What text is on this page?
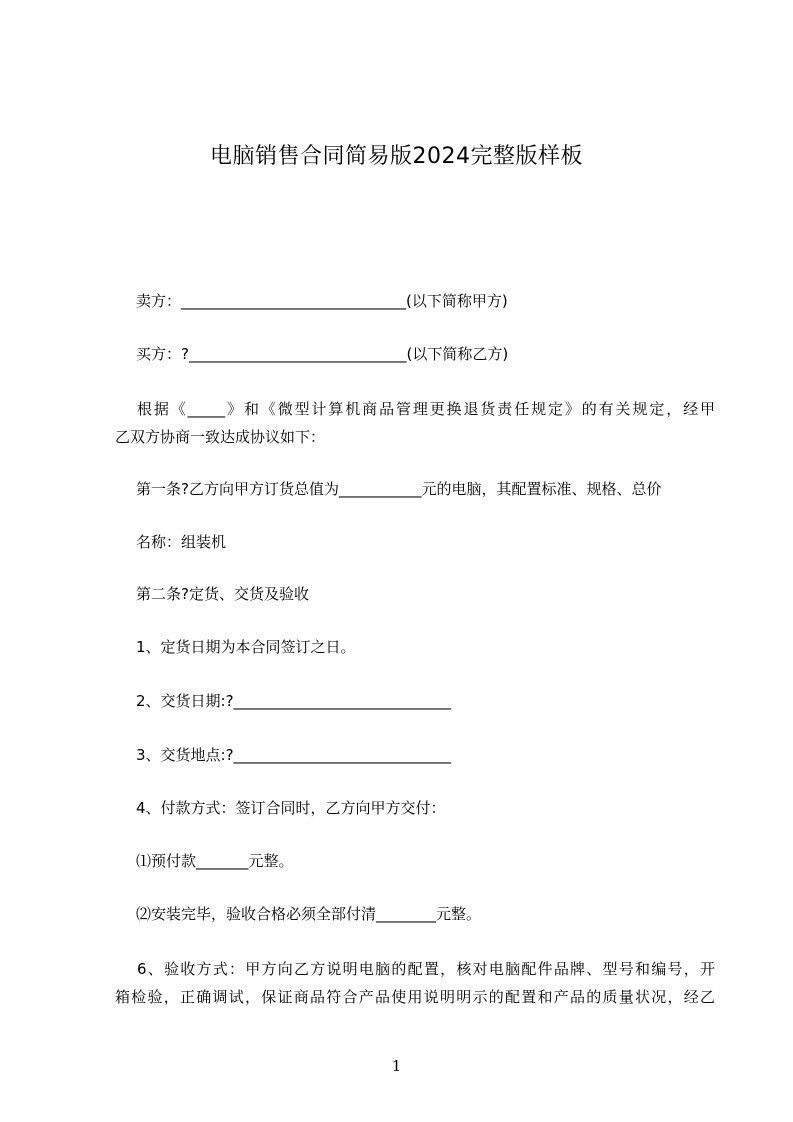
电脑销售合同简易版2024完整版样板
卖方：______________________________(以下简称甲方)
买方：?_____________________________(以下简称乙方)
根据《_____》和《微型计算机商品管理更换退货责任规定》的有关规定，经甲
乙双方协商一致达成协议如下：
第一条?乙方向甲方订货总值为___________元的电脑，其配置标准、规格、总价
名称：组装机
第二条?定货、交货及验收
1、定货日期为本合同签订之日。
2、交货日期:?_____________________________
3、交货地点:?_____________________________
4、付款方式：签订合同时，乙方向甲方交付：
⑴预付款_______元整。
⑵安装完毕，验收合格必须全部付清________元整。
6、验收方式：甲方向乙方说明电脑的配置，核对电脑配件品牌、型号和编号，开
箱检验，正确调试，保证商品符合产品使用说明明示的配置和产品的质量状况，经乙
1
